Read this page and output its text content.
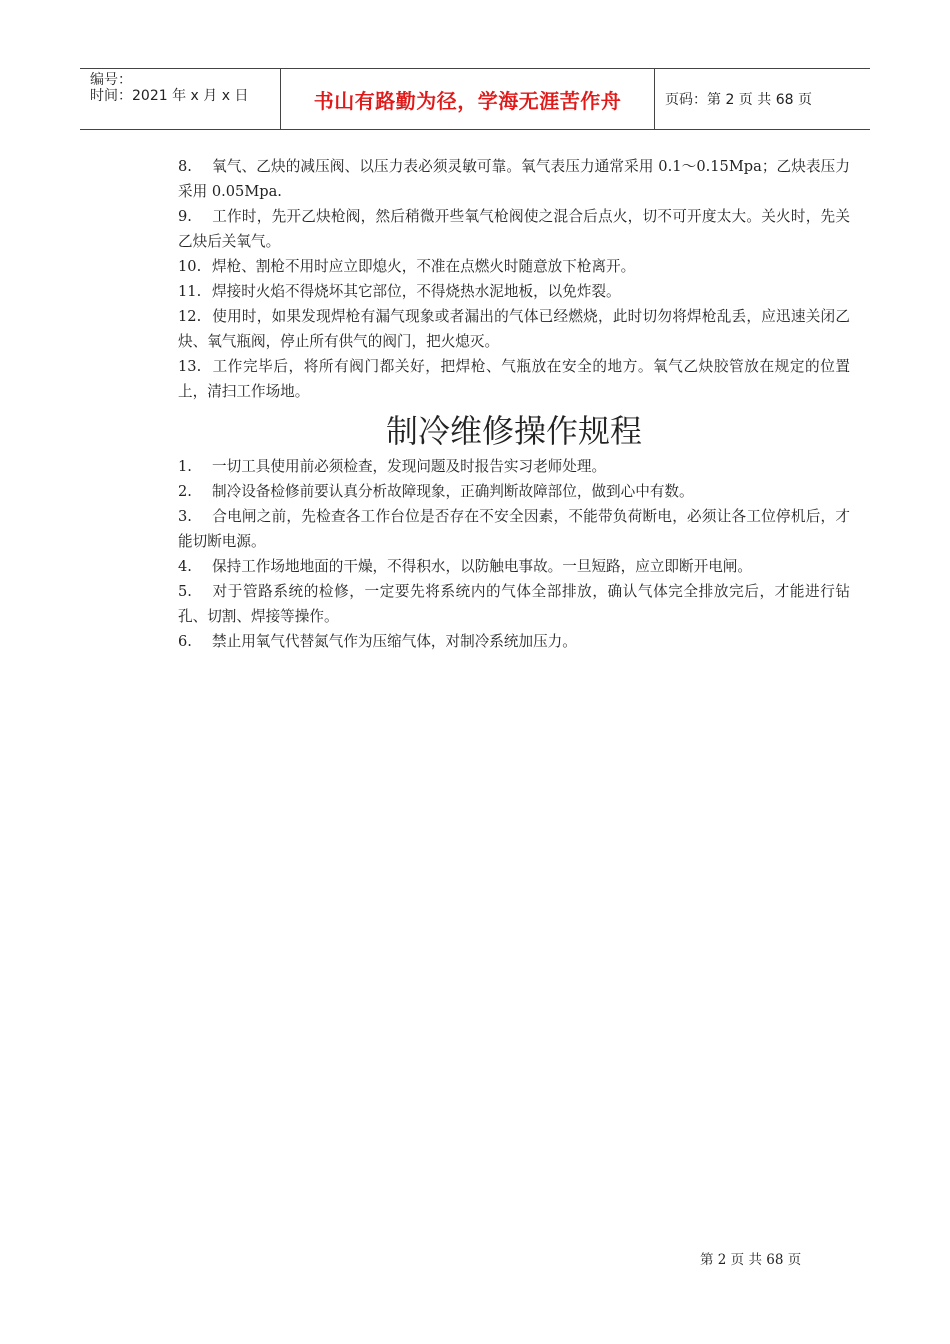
编号：
时间：2021 年 x 月 x 日	书山有路勤为径，学海无涯苦作舟	页码：第 2 页 共 68 页
8. 氧气、乙炔的减压阀、以压力表必须灵敏可靠。氧气表压力通常采用 0.1～0.15Mpa；乙炔表压力采用 0.05Mpa.
9. 工作时，先开乙炔枪阀，然后稍微开些氧气枪阀使之混合后点火，切不可开度太大。关火时，先关乙炔后关氧气。
10. 焊枪、割枪不用时应立即熄火，不准在点燃火时随意放下枪离开。
11. 焊接时火焰不得烧坏其它部位，不得烧热水泥地板，以免炸裂。
12. 使用时，如果发现焊枪有漏气现象或者漏出的气体已经燃烧，此时切勿将焊枪乱丢，应迅速关闭乙炔、氧气瓶阀，停止所有供气的阀门，把火熄灭。
13. 工作完毕后，将所有阀门都关好，把焊枪、气瓶放在安全的地方。氧气乙炔胶管放在规定的位置上，清扫工作场地。
制冷维修操作规程
1. 一切工具使用前必须检查，发现问题及时报告实习老师处理。
2. 制冷设备检修前要认真分析故障现象，正确判断故障部位，做到心中有数。
3. 合电闸之前，先检查各工作台位是否存在不安全因素，不能带负荷断电，必须让各工位停机后，才能切断电源。
4. 保持工作场地地面的干燥，不得积水，以防触电事故。一旦短路，应立即断开电闸。
5. 对于管路系统的检修，一定要先将系统内的气体全部排放，确认气体完全排放完后，才能进行钻孔、切割、焊接等操作。
6. 禁止用氧气代替氮气作为压缩气体，对制冷系统加压力。
第 2 页 共 68 页
